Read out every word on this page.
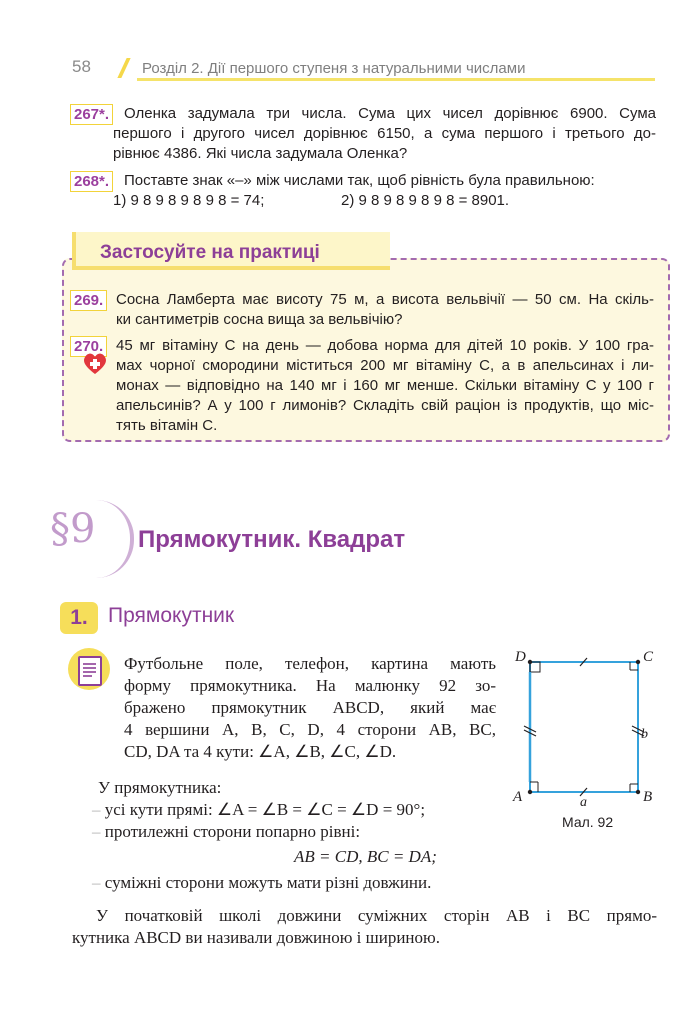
58	Розділ 2. Дії першого ступеня з натуральними числами
267*. Оленка задумала три числа. Сума цих чисел дорівнює 6900. Сума
першого і другого чисел дорівнює 6150, а сума першого і третього до-
рівнює 4386. Які числа задумала Оленка?
268*. Поставте знак «–» між числами так, щоб рівність була правильною:
1) 9 8 9 8 9 8 9 8 = 74;	2) 9 8 9 8 9 8 9 8 = 8901.
Застосуйте на практиці
269. Сосна Ламберта має висоту 75 м, а висота вельвічії — 50 см. На скіль-
ки сантиметрів сосна вища за вельвічію?
270. 45 мг вітаміну C на день — добова норма для дітей 10 років. У 100 гра-
мах чорної смородини міститься 200 мг вітаміну C, а в апельсинах і ли-
монах — відповідно на 140 мг і 160 мг менше. Скільки вітаміну C у 100 г
апельсинів? А у 100 г лимонів? Складіть свій раціон із продуктів, що міс-
тять вітамін C.
§9 Прямокутник. Квадрат
1. Прямокутник
Футбольне поле, телефон, картина мають
форму прямокутника. На малюнку 92 зо-
бражено прямокутник ABCD, який має
4 вершини A, B, C, D, 4 сторони AB, BC,
CD, DA та 4 кути: ∠A, ∠B, ∠C, ∠D.
D	C
A	B
a
b
Мал. 92
У прямокутника:
– усі кути прямі: ∠A = ∠B = ∠C = ∠D = 90°;
– протилежні сторони попарно рівні:
AB = CD, BC = DA;
– суміжні сторони можуть мати різні довжини.
У початковій школі довжини суміжних сторін AB і BC прямо-
кутника ABCD ви називали довжиною і шириною.
